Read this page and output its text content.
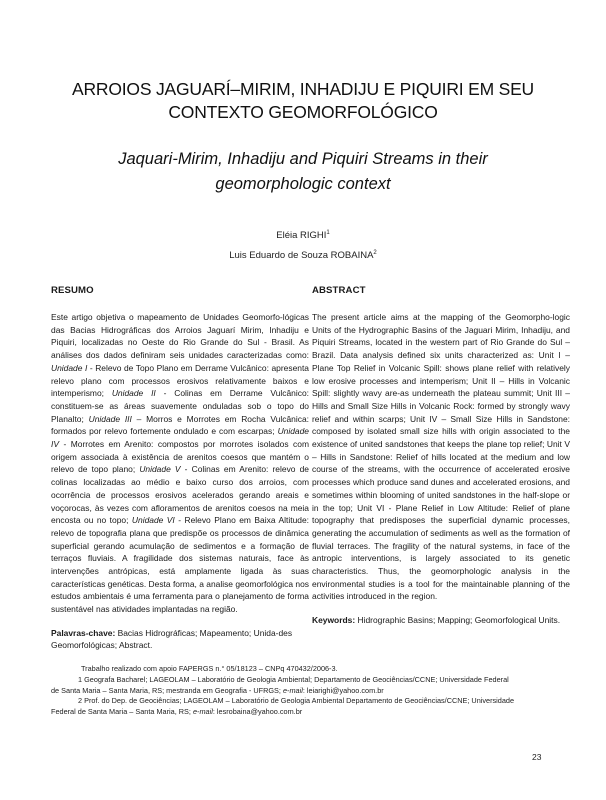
ARROIOS JAGUARÍ–MIRIM, INHADIJU E PIQUIRI EM SEU
CONTEXTO GEOMORFOLÓGICO
Jaquari-Mirim, Inhadiju and Piquiri Streams in their
geomorphologic context
Eléia RIGHI$^1$
Luis Eduardo de Souza ROBAINA$^2$
RESUMO

Este artigo objetiva o mapeamento de Unidades Geomorfo-lógicas das Bacias Hidrográficas dos Arroios Jaguarí Mirim, Inhadiju e Piquiri, localizadas no Oeste do Rio Grande do Sul - Brasil. As análises dos dados definiram seis unidades caracterizadas como: Unidade I - Relevo de Topo Plano em Derrame Vulcânico: apresenta relevo plano com processos erosivos relativamente baixos e intemperismo; Unidade II - Colinas em Derrame Vulcânico: constituem-se as áreas suavemente onduladas sob o topo do Planalto; Unidade III – Morros e Morrotes em Rocha Vulcânica: formados por relevo fortemente ondulado e com escarpas; Unidade IV - Morrotes em Arenito: compostos por morrotes isolados com origem associada à existência de arenitos coesos que mantém o relevo de topo plano; Unidade V - Colinas em Arenito: relevo de colinas localizadas ao médio e baixo curso dos arroios, com ocorrência de processos erosivos acelerados gerando areais e voçorocas, às vezes com afloramentos de arenitos coesos na meia encosta ou no topo; Unidade VI - Relevo Plano em Baixa Altitude: relevo de topografia plana que predispõe os processos de dinâmica superficial gerando acumulação de sedimentos e a formação de terraços fluviais. A fragilidade dos sistemas naturais, face às intervenções antrópicas, está amplamente ligada às suas características genéticas. Desta forma, a analise geomorfológica nos estudos ambientais é uma ferramenta para o planejamento de forma sustentável nas atividades implantadas na região.

Palavras-chave: Bacias Hidrográficas; Mapeamento; Unida-des Geomorfológicas; Abstract.

ABSTRACT

The present article aims at the mapping of the Geomorpho-logic Units of the Hydrographic Basins of the Jaguari Mirim, Inhadiju, and Piquiri Streams, located in the western part of Rio Grande do Sul – Brazil. Data analysis defined six units characterized as: Unit I – Plane Top Relief in Volcanic Spill: shows plane relief with relatively low erosive processes and intemperism; Unit II – Hills in Volcanic Spill: slightly wavy are-as underneath the plateau summit; Unit III – Hills and Small Size Hills in Volcanic Rock: formed by strongly wavy relief and within scarps; Unit IV – Small Size Hills in Sandstone: composed by isolated small size hills with origin associated to the existence of united sandstones that keeps the plane top relief; Unit V – Hills in Sandstone: Relief of hills located at the medium and low course of the streams, with the occurrence of accelerated erosive processes which produce sand dunes and accelerated erosions, and sometimes within blooming of united sandstones in the half-slope or in the top; Unit VI - Plane Relief in Low Altitude: Relief of plane topography that predisposes the superficial dynamic processes, generating the accumulation of sediments as well as the formation of fluvial terraces. The fragility of the natural systems, in face of the antropic interventions, is largely associated to its genetic characteristics. Thus, the geomorphologic analysis in the environmental studies is a tool for the maintainable planning of the activities introduced in the region.

Keywords: Hidrographic Basins; Mapping; Geomorfological Units.

Trabalho realizado com apoio FAPERGS n.° 05/18123 – CNPq 470432/2006-3.
1 Geografa Bacharel; LAGEOLAM – Laboratório de Geologia Ambiental; Departamento de Geociências/CCNE; Universidade Federal
de Santa Maria – Santa Maria, RS; mestranda em Geografia - UFRGS; e-mail: leiarighi@yahoo.com.br
2 Prof. do Dep. de Geociências; LAGEOLAM – Laboratório de Geologia Ambiental Departamento de Geociências/CCNE; Universidade
Federal de Santa Maria – Santa Maria, RS; e-mail: lesrobaina@yahoo.com.br
23
